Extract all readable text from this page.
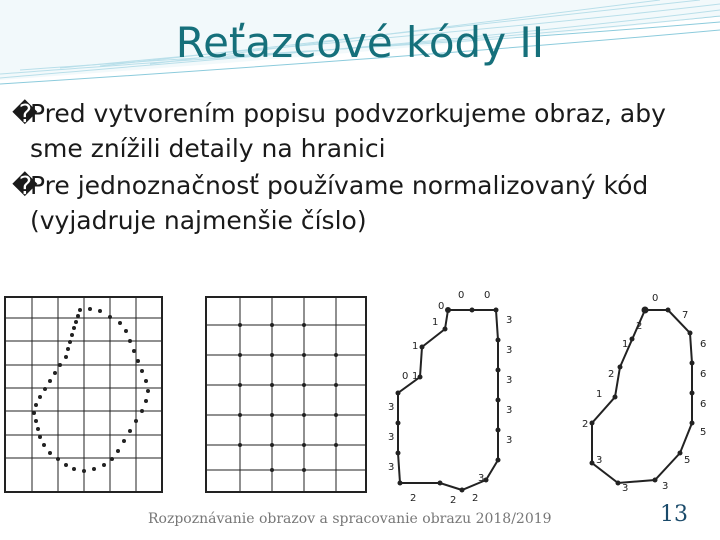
Reťazcové kódy II
�
Pred vytvorením popisu podvzorkujeme obraz, aby sme znížili detaily na hranici
�
Pre jednoznačnosť používame normalizovaný kód (vyjadruje najmenšie číslo)
0 0
0
1
1
1
0
3
3
3
3
3
3
3
3
3
2	2 2
0
7
2
1	6
2	6
1
6
2
5
3
3
5
3
Rozpoznávanie obrazov a spracovanie obrazu 2018/2019	13
